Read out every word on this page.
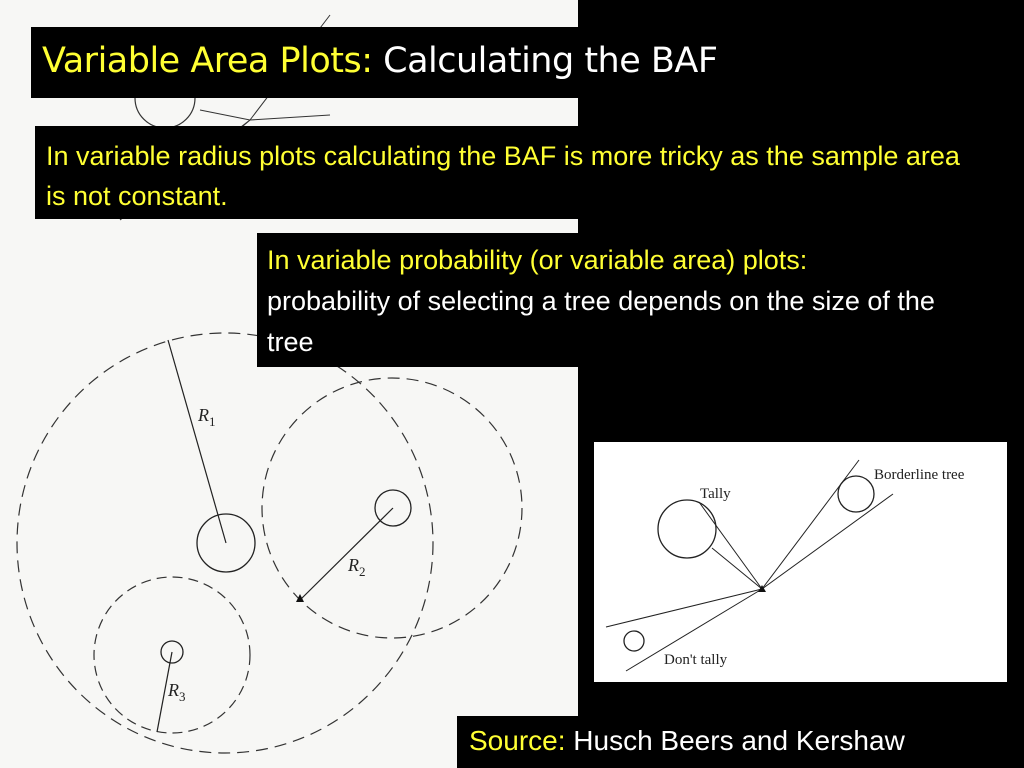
$R_1$
$R_2$
$R_3$
Tally
Borderline tree
Don't tally
Variable Area Plots: Calculating the BAF
In variable radius plots calculating the BAF is more tricky as the sample area is not constant.
In variable probability (or variable area) plots:
probability of selecting a tree depends on the size of the tree
Source: Husch Beers and Kershaw
